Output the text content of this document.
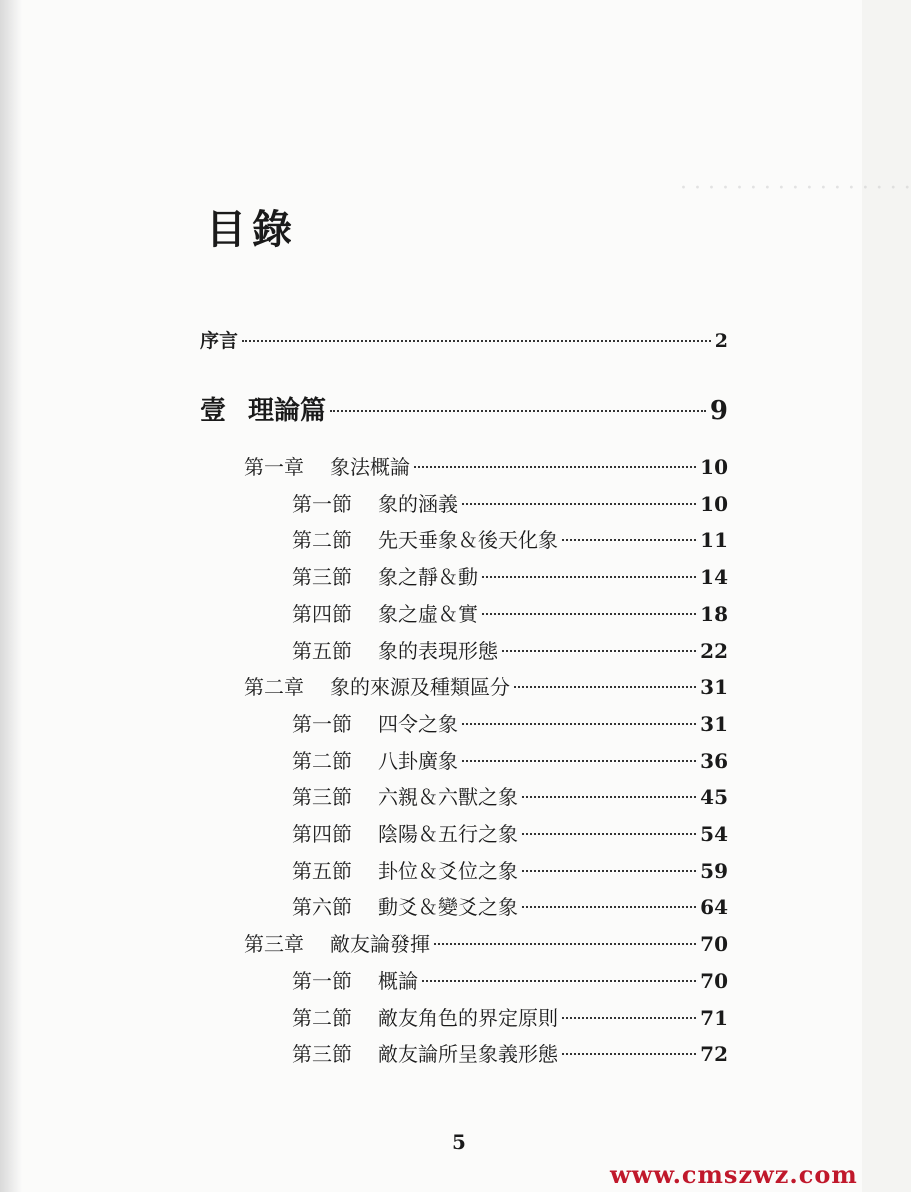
· · · · · · · · · · · · · · · · ·
目錄
序言	2
壹 理論篇	9
第一章 象法概論	10
第一節 象的涵義	10
第二節 先天垂象＆後天化象	11
第三節 象之靜＆動	14
第四節 象之虛＆實	18
第五節 象的表現形態	22
第二章 象的來源及種類區分	31
第一節 四令之象	31
第二節 八卦廣象	36
第三節 六親＆六獸之象	45
第四節 陰陽＆五行之象	54
第五節 卦位＆爻位之象	59
第六節 動爻＆變爻之象	64
第三章 敵友論發揮	70
第一節 概論	70
第二節 敵友角色的界定原則	71
第三節 敵友論所呈象義形態	72
5
www.cmszwz.com
